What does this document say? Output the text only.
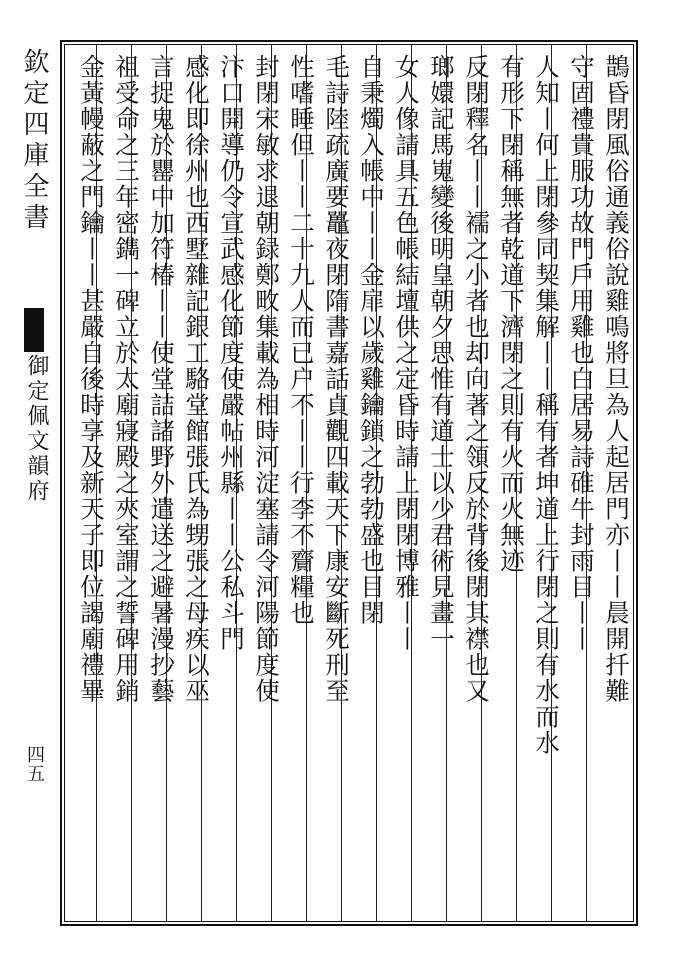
欽定四庫全書
御定佩文韻府
四五
鵲昏閉風俗通義俗說雞鳴將旦為人起居門亦丨丨晨開扦難
守固禮貴服功故門戶用雞也白居易詩碓牛封雨目丨丨
人知丨何上閉參同契集解丨丨稱有者坤道上行閉之則有水而水
有形下閉稱無者乾道下濟閉之則有火而火無迹
反閉釋名丨丨襦之小者也却向著之領反於背後閉其襟也又
瑯嬛記馬嵬變後明皇朝夕思惟有道士以少君術見畫一
女人像請具五色帳結壇供之定昏時請上閉閉博雅丨丨
自秉燭入帳中丨丨金扉以歲雞鑰鎖之勃勃盛也目閉
毛詩陸疏廣要鼉夜閉隋書嘉話貞觀四載天下康安斷死刑至
性嗜睡但丨丨二十九人而已户不丨丨行李不齎糧也
封閉宋敏求退朝録鄭畋集載為相時河淀塞請令河陽節度使
汴口開導仍令宣武感化節度使嚴帖州縣丨丨公私斗門
感化即徐州也西墅雜記銀工駱堂館張氏為甥張之母疾以巫
言捉鬼於罌中加符椿丨丨使堂詰諸野外遣送之避暑漫抄藝
祖受命之三年密鐫一碑立於太廟寢殿之夾室謂之誓碑用銷
金黃幔蔽之門鑰丨丨甚嚴自後時享及新天子即位謁廟禮畢
